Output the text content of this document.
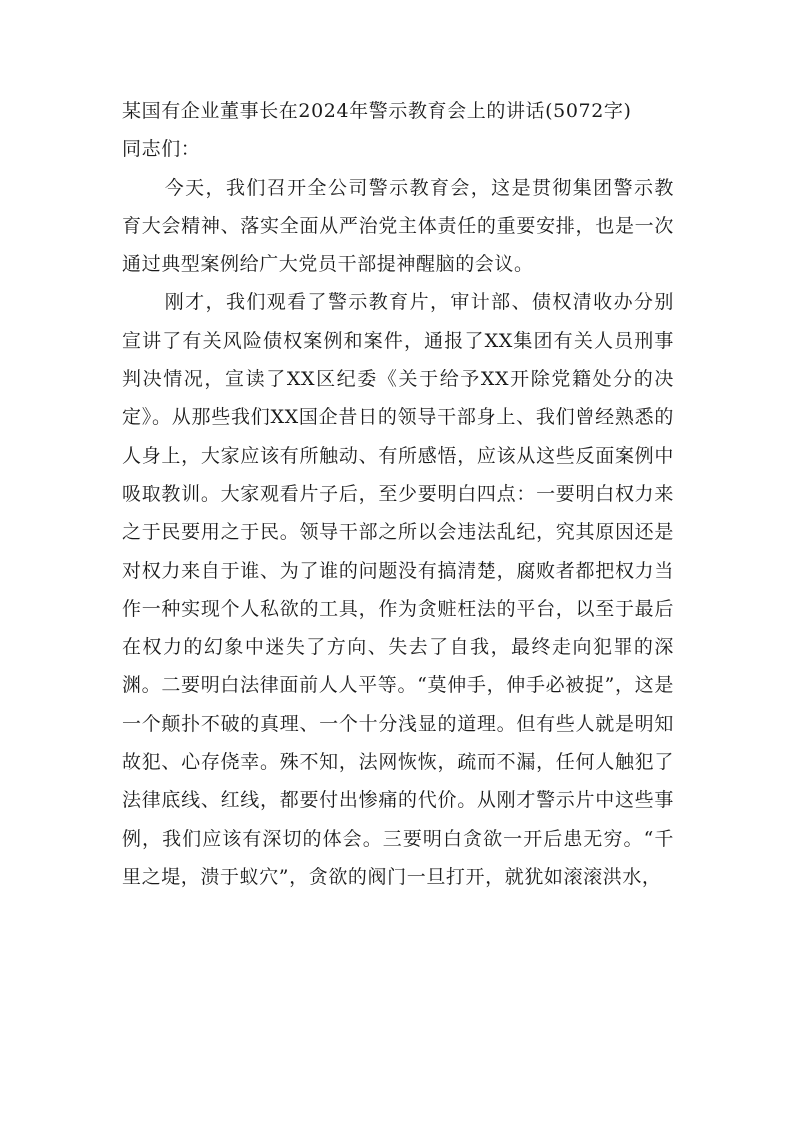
某国有企业董事长在2024年警示教育会上的讲话(5072字)

同志们：

今天，我们召开全公司警示教育会，这是贯彻集团警示教育大会精神、落实全面从严治党主体责任的重要安排，也是一次通过典型案例给广大党员干部提神醒脑的会议。

刚才，我们观看了警示教育片，审计部、债权清收办分别宣讲了有关风险债权案例和案件，通报了XX集团有关人员刑事判决情况，宣读了XX区纪委《关于给予XX开除党籍处分的决定》。从那些我们XX国企昔日的领导干部身上、我们曾经熟悉的人身上，大家应该有所触动、有所感悟，应该从这些反面案例中吸取教训。大家观看片子后，至少要明白四点：一要明白权力来之于民要用之于民。领导干部之所以会违法乱纪，究其原因还是对权力来自于谁、为了谁的问题没有搞清楚，腐败者都把权力当作一种实现个人私欲的工具，作为贪赃枉法的平台，以至于最后在权力的幻象中迷失了方向、失去了自我，最终走向犯罪的深渊。二要明白法律面前人人平等。“莫伸手，伸手必被捉”，这是一个颠扑不破的真理、一个十分浅显的道理。但有些人就是明知故犯、心存侥幸。殊不知，法网恢恢，疏而不漏，任何人触犯了法律底线、红线，都要付出惨痛的代价。从刚才警示片中这些事例，我们应该有深切的体会。三要明白贪欲一开后患无穷。“千里之堤，溃于蚁穴”，贪欲的阀门一旦打开，就犹如滚滚洪水，
